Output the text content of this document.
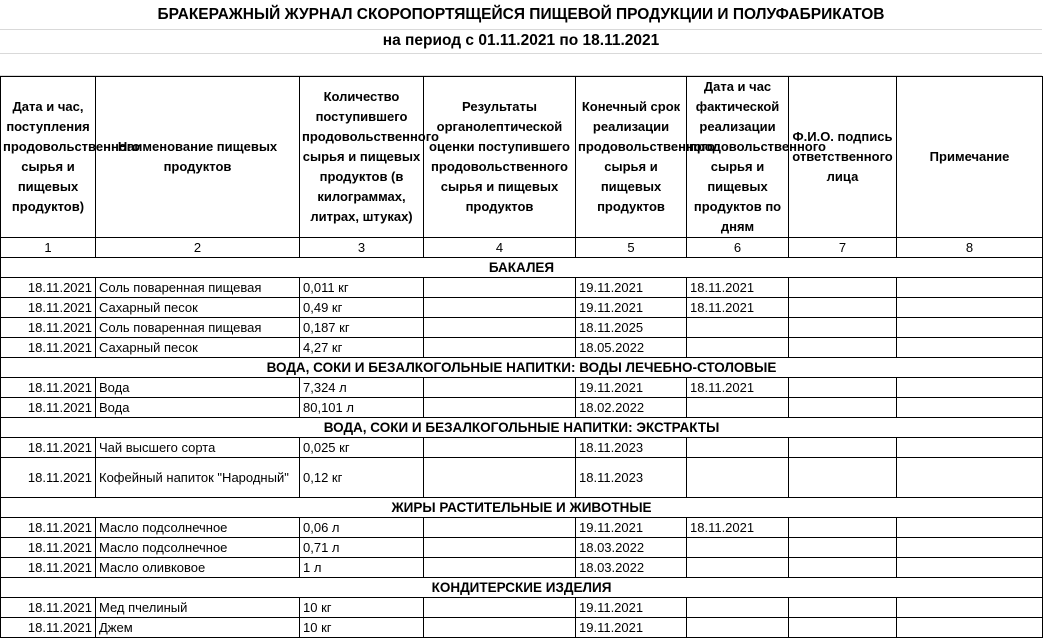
БРАКЕРАЖНЫЙ ЖУРНАЛ СКОРОПОРТЯЩЕЙСЯ ПИЩЕВОЙ ПРОДУКЦИИ И ПОЛУФАБРИКАТОВ
на период с 01.11.2021 по 18.11.2021
Дата и час, поступления продовольственного сырья и пищевых продуктов)	Наименование пищевых продуктов	Количество поступившего продовольственного сырья и пищевых продуктов (в килограммах, литрах, штуках)	Результаты органолептической оценки поступившего продовольственного сырья и пищевых продуктов	Конечный срок реализации продовольственного сырья и пищевых продуктов	Дата и час фактической реализации продовольственного сырья и пищевых продуктов по дням	Ф.И.О. подпись ответственного лица	Примечание
1	2	3	4	5	6	7	8
БАКАЛЕЯ							
18.11.2021	Соль поваренная пищевая	0,011 кг		19.11.2021	18.11.2021		
18.11.2021	Сахарный песок	0,49 кг		19.11.2021	18.11.2021		
18.11.2021	Соль поваренная пищевая	0,187 кг		18.11.2025			
18.11.2021	Сахарный песок	4,27 кг		18.05.2022			
ВОДА, СОКИ И БЕЗАЛКОГОЛЬНЫЕ НАПИТКИ: ВОДЫ ЛЕЧЕБНО-СТОЛОВЫЕ							
18.11.2021	Вода	7,324 л		19.11.2021	18.11.2021		
18.11.2021	Вода	80,101 л		18.02.2022			
ВОДА, СОКИ И БЕЗАЛКОГОЛЬНЫЕ НАПИТКИ: ЭКСТРАКТЫ							
18.11.2021	Чай высшего сорта	0,025 кг		18.11.2023			
18.11.2021	Кофейный напиток "Народный"	0,12 кг		18.11.2023			
ЖИРЫ РАСТИТЕЛЬНЫЕ И ЖИВОТНЫЕ							
18.11.2021	Масло подсолнечное	0,06 л		19.11.2021	18.11.2021		
18.11.2021	Масло подсолнечное	0,71 л		18.03.2022			
18.11.2021	Масло оливковое	1 л		18.03.2022			
КОНДИТЕРСКИЕ ИЗДЕЛИЯ							
18.11.2021	Мед пчелиный	10 кг		19.11.2021			
18.11.2021	Джем	10 кг		19.11.2021			
